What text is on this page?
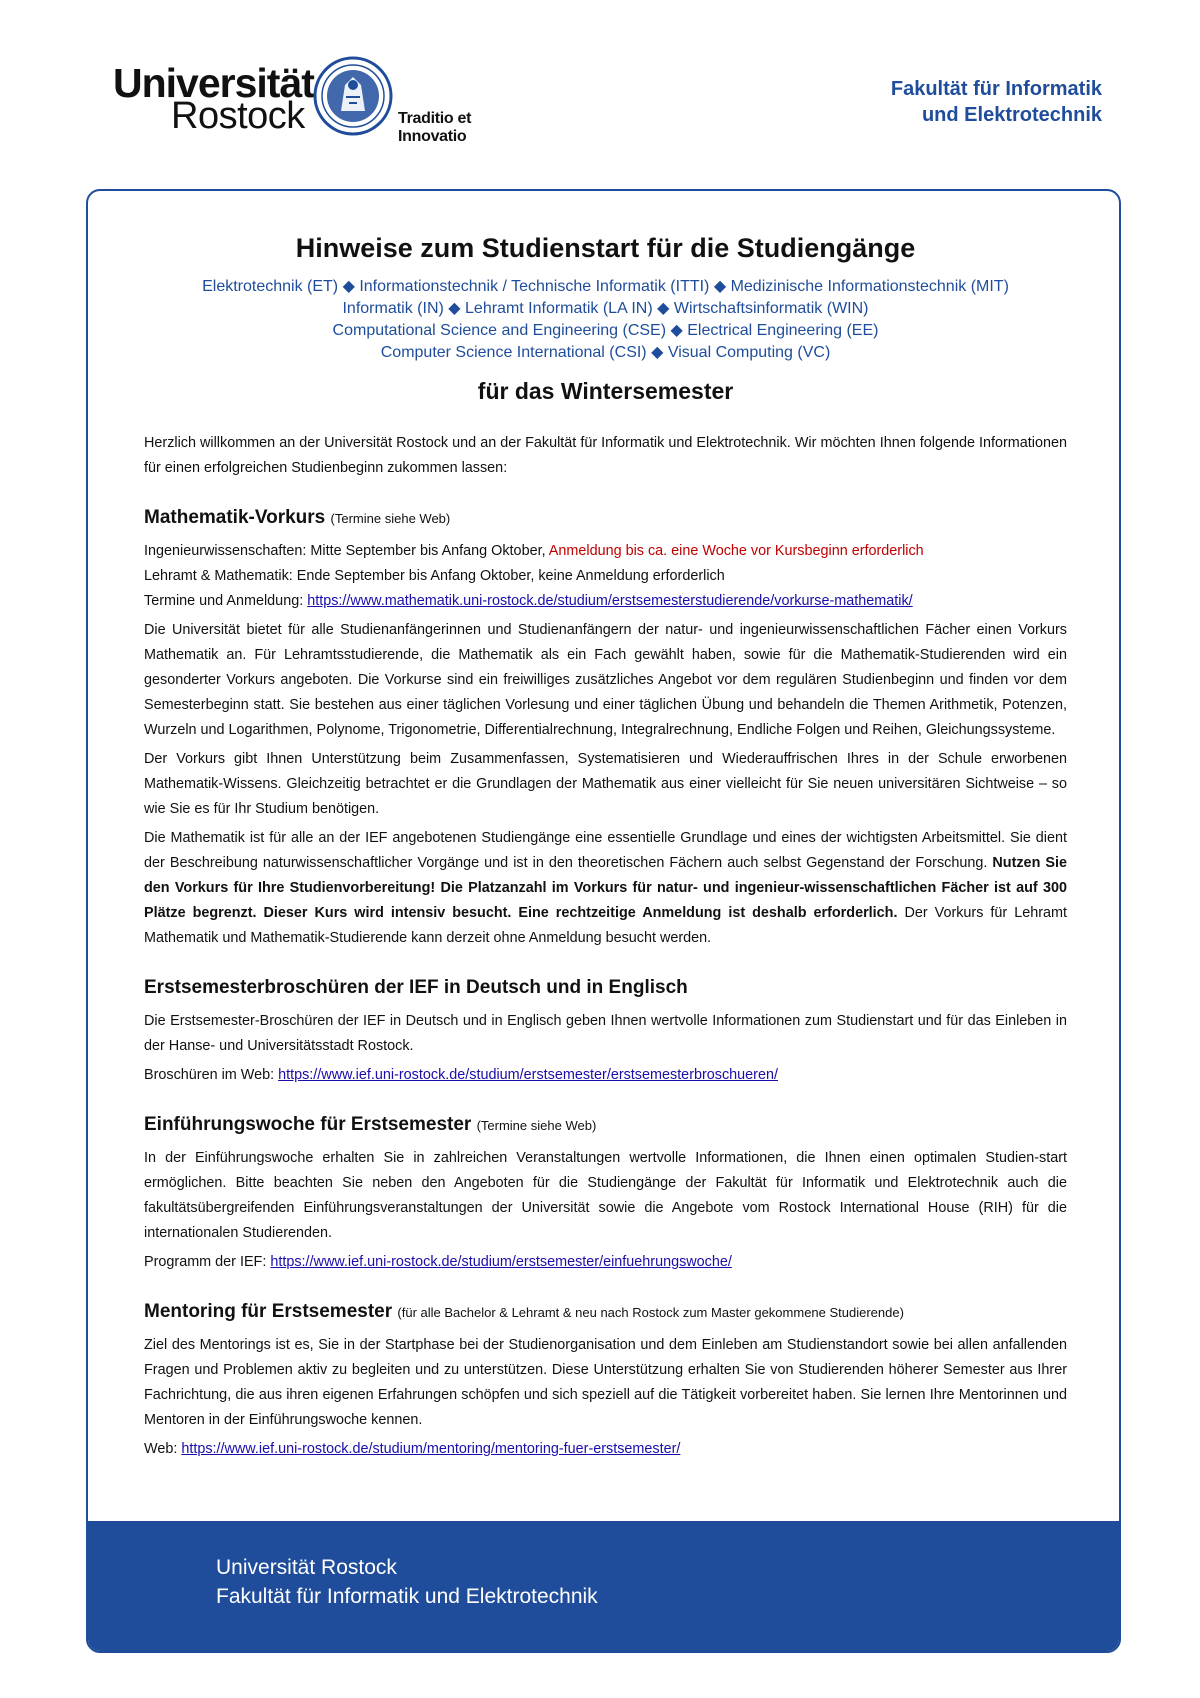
Universität
Rostock	Traditio et Innovatio
Fakultät für Informatik
und Elektrotechnik
Hinweise zum Studienstart für die Studiengänge
Elektrotechnik (ET) ◆ Informationstechnik / Technische Informatik (ITTI) ◆ Medizinische Informationstechnik (MIT)
Informatik (IN) ◆ Lehramt Informatik (LA IN) ◆ Wirtschaftsinformatik (WIN)
Computational Science and Engineering (CSE) ◆ Electrical Engineering (EE)
Computer Science International (CSI) ◆ Visual Computing (VC)
für das Wintersemester

Herzlich willkommen an der Universität Rostock und an der Fakultät für Informatik und Elektrotechnik. Wir möchten Ihnen folgende Informationen für einen erfolgreichen Studienbeginn zukommen lassen:

Mathematik-Vorkurs (Termine siehe Web)

Ingenieurwissenschaften: Mitte September bis Anfang Oktober, Anmeldung bis ca. eine Woche vor Kursbeginn erforderlich

Lehramt & Mathematik: Ende September bis Anfang Oktober, keine Anmeldung erforderlich

Termine und Anmeldung: https://www.mathematik.uni-rostock.de/studium/erstsemesterstudierende/vorkurse-mathematik/

Die Universität bietet für alle Studienanfängerinnen und Studienanfängern der natur- und ingenieurwissenschaftlichen Fächer einen Vorkurs Mathematik an. Für Lehramtsstudierende, die Mathematik als ein Fach gewählt haben, sowie für die Mathematik-Studierenden wird ein gesonderter Vorkurs angeboten. Die Vorkurse sind ein freiwilliges zusätzliches Angebot vor dem regulären Studienbeginn und finden vor dem Semesterbeginn statt. Sie bestehen aus einer täglichen Vorlesung und einer täglichen Übung und behandeln die Themen Arithmetik, Potenzen, Wurzeln und Logarithmen, Polynome, Trigonometrie, Differentialrechnung, Integralrechnung, Endliche Folgen und Reihen, Gleichungssysteme.

Der Vorkurs gibt Ihnen Unterstützung beim Zusammenfassen, Systematisieren und Wiederauffrischen Ihres in der Schule erworbenen Mathematik-Wissens. Gleichzeitig betrachtet er die Grundlagen der Mathematik aus einer vielleicht für Sie neuen universitären Sichtweise – so wie Sie es für Ihr Studium benötigen.

Die Mathematik ist für alle an der IEF angebotenen Studiengänge eine essentielle Grundlage und eines der wichtigsten Arbeitsmittel. Sie dient der Beschreibung naturwissenschaftlicher Vorgänge und ist in den theoretischen Fächern auch selbst Gegenstand der Forschung. Nutzen Sie den Vorkurs für Ihre Studienvorbereitung! Die Platzanzahl im Vorkurs für natur- und ingenieur-wissenschaftlichen Fächer ist auf 300 Plätze begrenzt. Dieser Kurs wird intensiv besucht. Eine rechtzeitige Anmeldung ist deshalb erforderlich. Der Vorkurs für Lehramt Mathematik und Mathematik-Studierende kann derzeit ohne Anmeldung besucht werden.

Erstsemesterbroschüren der IEF in Deutsch und in Englisch

Die Erstsemester-Broschüren der IEF in Deutsch und in Englisch geben Ihnen wertvolle Informationen zum Studienstart und für das Einleben in der Hanse- und Universitätsstadt Rostock.

Broschüren im Web: https://www.ief.uni-rostock.de/studium/erstsemester/erstsemesterbroschueren/

Einführungswoche für Erstsemester (Termine siehe Web)

In der Einführungswoche erhalten Sie in zahlreichen Veranstaltungen wertvolle Informationen, die Ihnen einen optimalen Studien-start ermöglichen. Bitte beachten Sie neben den Angeboten für die Studiengänge der Fakultät für Informatik und Elektrotechnik auch die fakultätsübergreifenden Einführungsveranstaltungen der Universität sowie die Angebote vom Rostock International House (RIH) für die internationalen Studierenden.

Programm der IEF: https://www.ief.uni-rostock.de/studium/erstsemester/einfuehrungswoche/

Mentoring für Erstsemester (für alle Bachelor & Lehramt & neu nach Rostock zum Master gekommene Studierende)

Ziel des Mentorings ist es, Sie in der Startphase bei der Studienorganisation und dem Einleben am Studienstandort sowie bei allen anfallenden Fragen und Problemen aktiv zu begleiten und zu unterstützen. Diese Unterstützung erhalten Sie von Studierenden höherer Semester aus Ihrer Fachrichtung, die aus ihren eigenen Erfahrungen schöpfen und sich speziell auf die Tätigkeit vorbereitet haben. Sie lernen Ihre Mentorinnen und Mentoren in der Einführungswoche kennen.

Web: https://www.ief.uni-rostock.de/studium/mentoring/mentoring-fuer-erstsemester/

Universität Rostock
Fakultät für Informatik und Elektrotechnik
